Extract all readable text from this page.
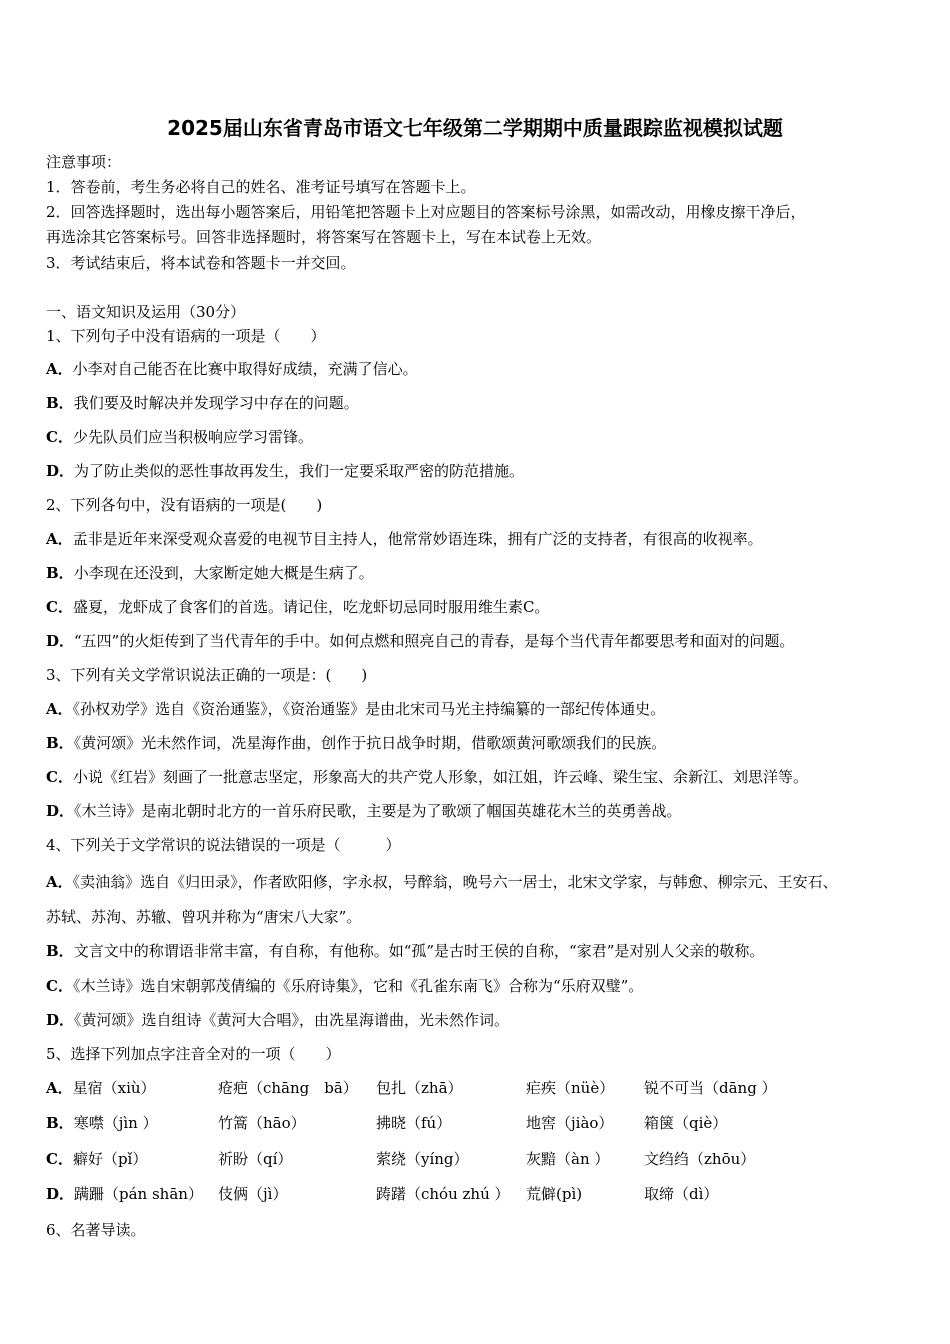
2025届山东省青岛市语文七年级第二学期期中质量跟踪监视模拟试题
注意事项：
1．答卷前，考生务必将自己的姓名、准考证号填写在答题卡上。
2．回答选择题时，选出每小题答案后，用铅笔把答题卡上对应题目的答案标号涂黑，如需改动，用橡皮擦干净后，
再选涂其它答案标号。回答非选择题时，将答案写在答题卡上，写在本试卷上无效。
3．考试结束后，将本试卷和答题卡一并交回。
一、语文知识及运用（30分）
1、下列句子中没有语病的一项是（　　）
A．小李对自己能否在比赛中取得好成绩，充满了信心。
B．我们要及时解决并发现学习中存在的问题。
C．少先队员们应当积极响应学习雷锋。
D．为了防止类似的恶性事故再发生，我们一定要采取严密的防范措施。
2、下列各句中，没有语病的一项是(　　)
A．孟非是近年来深受观众喜爱的电视节目主持人，他常常妙语连珠，拥有广泛的支持者，有很高的收视率。
B．小李现在还没到，大家断定她大概是生病了。
C．盛夏，龙虾成了食客们的首选。请记住，吃龙虾切忌同时服用维生素C。
D．“五四”的火炬传到了当代青年的手中。如何点燃和照亮自己的青春，是每个当代青年都要思考和面对的问题。
3、下列有关文学常识说法正确的一项是：(　　)
A．《孙权劝学》选自《资治通鉴》，《资治通鉴》是由北宋司马光主持编纂的一部纪传体通史。
B．《黄河颂》光未然作词，冼星海作曲，创作于抗日战争时期，借歌颂黄河歌颂我们的民族。
C．小说《红岩》刻画了一批意志坚定，形象高大的共产党人形象，如江姐，许云峰、梁生宝、余新江、刘思洋等。
D．《木兰诗》是南北朝时北方的一首乐府民歌，主要是为了歌颂了帼国英雄花木兰的英勇善战。
4、下列关于文学常识的说法错误的一项是（　　　）
A．《卖油翁》选自《归田录》，作者欧阳修，字永叔，号醉翁，晚号六一居士，北宋文学家，与韩愈、柳宗元、王安石、
苏轼、苏洵、苏辙、曾巩并称为“唐宋八大家”。
B．文言文中的称谓语非常丰富，有自称，有他称。如“孤”是古时王侯的自称，“家君”是对别人父亲的敬称。
C．《木兰诗》选自宋朝郭茂倩编的《乐府诗集》，它和《孔雀东南飞》合称为“乐府双璧”。
D．《黄河颂》选自组诗《黄河大合唱》，由冼星海谱曲，光未然作词。
5、选择下列加点字注音全对的一项（　　）
A．星宿（xiù）	疮疤（chāng　bā） 包扎（zhā）	疟疾（nüè） 锐不可当（dāng ）
B．寒噤（jìn ）	竹篙（hāo）	拂晓（fú）	地窖（jiào） 箱箧（qiè）
C．癖好（pǐ）	祈盼（qí）	萦绕（yíng）	灰黯（àn ） 文绉绉（zhōu）
D．蹒跚（pán shān） 伎俩（jì）	踌躇（chóu zhú ） 荒僻(pì)	取缔（dì）
6、名著导读。
